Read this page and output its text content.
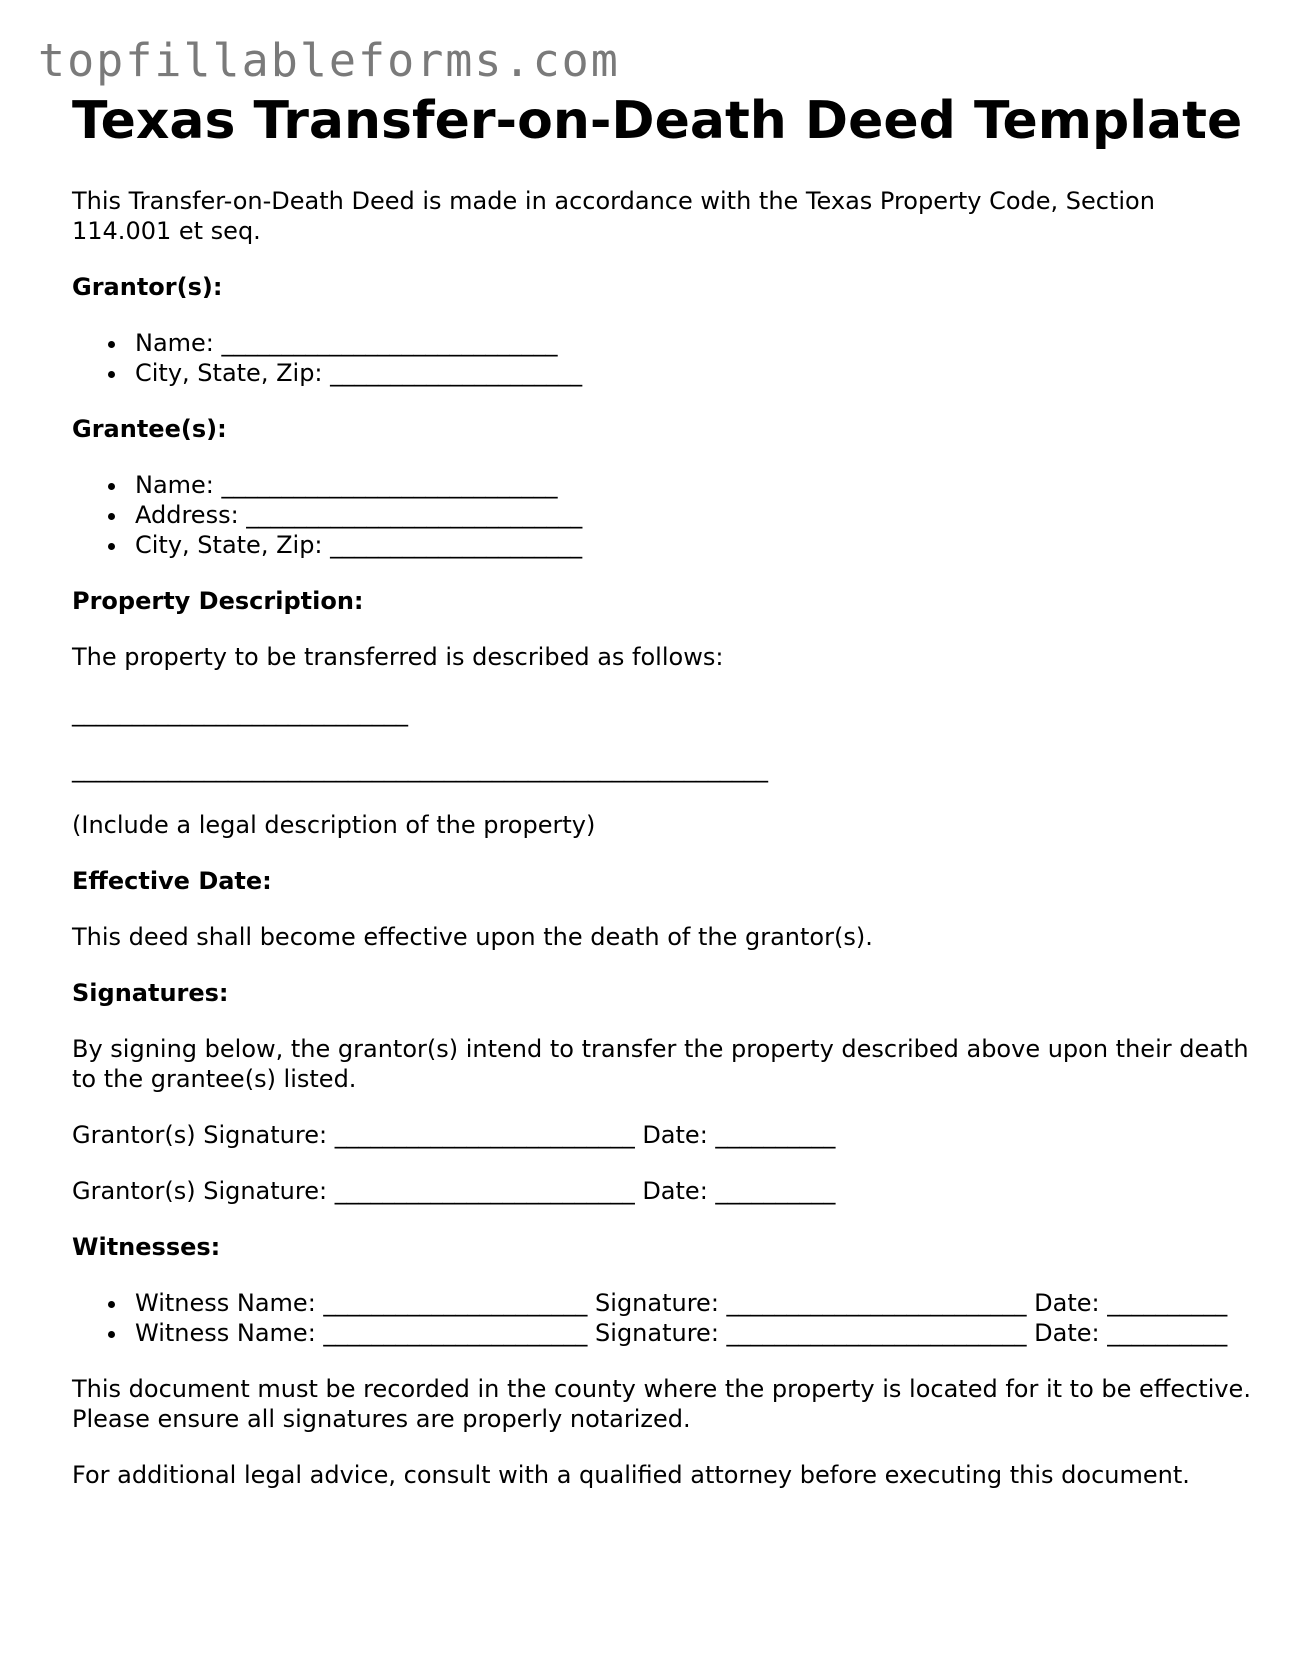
topfillableforms.com
Texas Transfer-on-Death Deed Template

This Transfer-on-Death Deed is made in accordance with the Texas Property Code, Section 114.001 et seq.

Grantor(s):

Name: ____________________________
City, State, Zip: _____________________

Grantee(s):

Name: ____________________________
Address: ____________________________
City, State, Zip: _____________________

Property Description:

The property to be transferred is described as follows:

____________________________
__________________________________________________________

(Include a legal description of the property)

Effective Date:

This deed shall become effective upon the death of the grantor(s).

Signatures:

By signing below, the grantor(s) intend to transfer the property described above upon their death to the grantee(s) listed.

Grantor(s) Signature: _________________________ Date: __________

Grantor(s) Signature: _________________________ Date: __________

Witnesses:

Witness Name: ______________________ Signature: _________________________ Date: __________
Witness Name: ______________________ Signature: _________________________ Date: __________

This document must be recorded in the county where the property is located for it to be effective. Please ensure all signatures are properly notarized.

For additional legal advice, consult with a qualified attorney before executing this document.
